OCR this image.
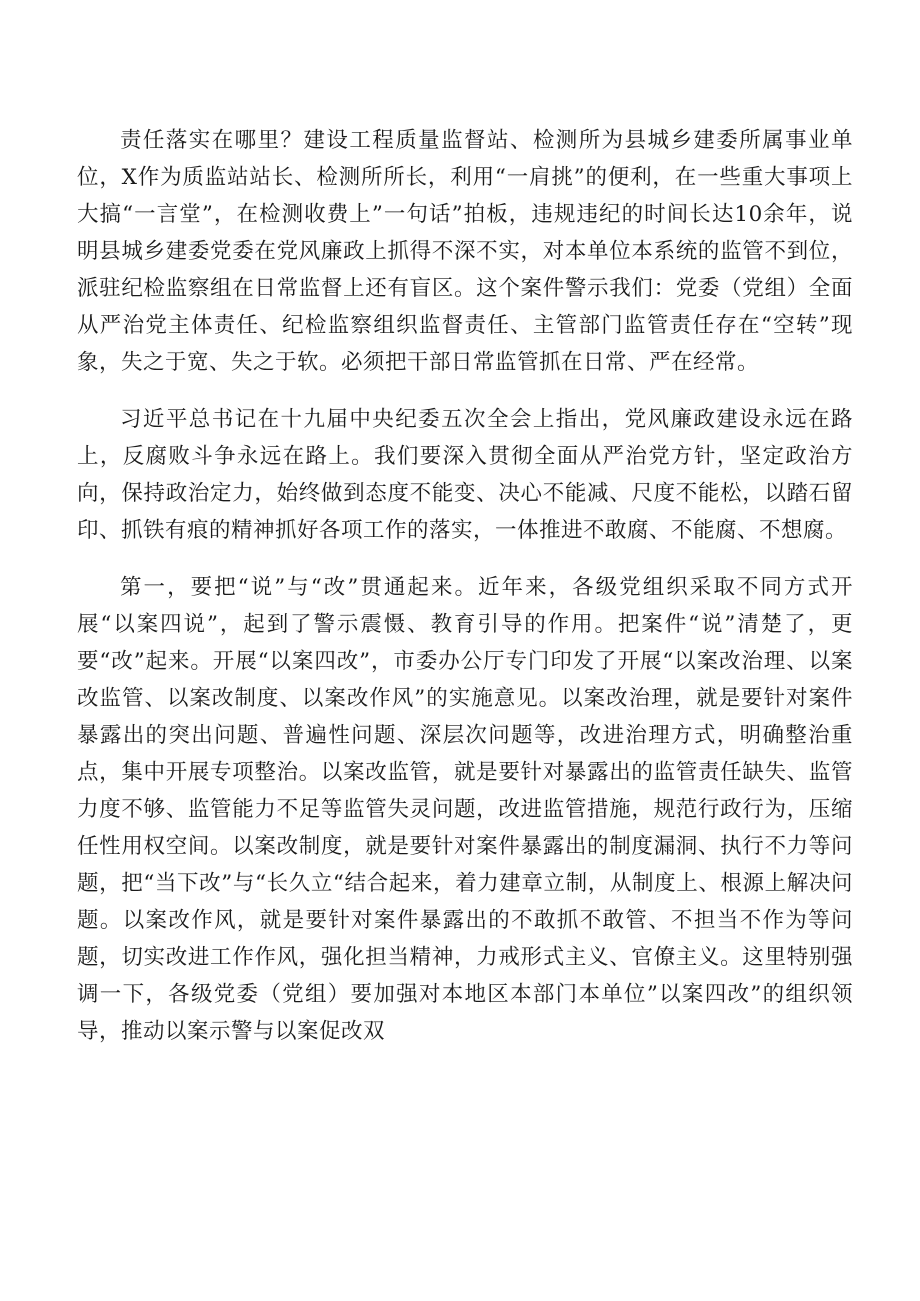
责任落实在哪里？建设工程质量监督站、检测所为县城乡建委所属事业单位，X作为质监站站长、检测所所长，利用“一肩挑”的便利，在一些重大事项上大搞“一言堂”，在检测收费上”一句话”拍板，违规违纪的时间长达10余年，说明县城乡建委党委在党风廉政上抓得不深不实，对本单位本系统的监管不到位，派驻纪检监察组在日常监督上还有盲区。这个案件警示我们：党委（党组）全面从严治党主体责任、纪检监察组织监督责任、主管部门监管责任存在“空转”现象，失之于宽、失之于软。必须把干部日常监管抓在日常、严在经常。

习近平总书记在十九届中央纪委五次全会上指出，党风廉政建设永远在路上，反腐败斗争永远在路上。我们要深入贯彻全面从严治党方针，坚定政治方向，保持政治定力，始终做到态度不能变、决心不能减、尺度不能松，以踏石留印、抓铁有痕的精神抓好各项工作的落实，一体推进不敢腐、不能腐、不想腐。

第一，要把“说”与“改”贯通起来。近年来，各级党组织采取不同方式开展“以案四说”，起到了警示震慑、教育引导的作用。把案件“说”清楚了，更要“改”起来。开展“以案四改”，市委办公厅专门印发了开展“以案改治理、以案改监管、以案改制度、以案改作风”的实施意见。以案改治理，就是要针对案件暴露出的突出问题、普遍性问题、深层次问题等，改进治理方式，明确整治重点，集中开展专项整治。以案改监管，就是要针对暴露出的监管责任缺失、监管力度不够、监管能力不足等监管失灵问题，改进监管措施，规范行政行为，压缩任性用权空间。以案改制度，就是要针对案件暴露出的制度漏洞、执行不力等问题，把“当下改”与“长久立“结合起来，着力建章立制，从制度上、根源上解决问题。以案改作风，就是要针对案件暴露出的不敢抓不敢管、不担当不作为等问题，切实改进工作作风，强化担当精神，力戒形式主义、官僚主义。这里特别强调一下，各级党委（党组）要加强对本地区本部门本单位”以案四改”的组织领导，推动以案示警与以案促改双
